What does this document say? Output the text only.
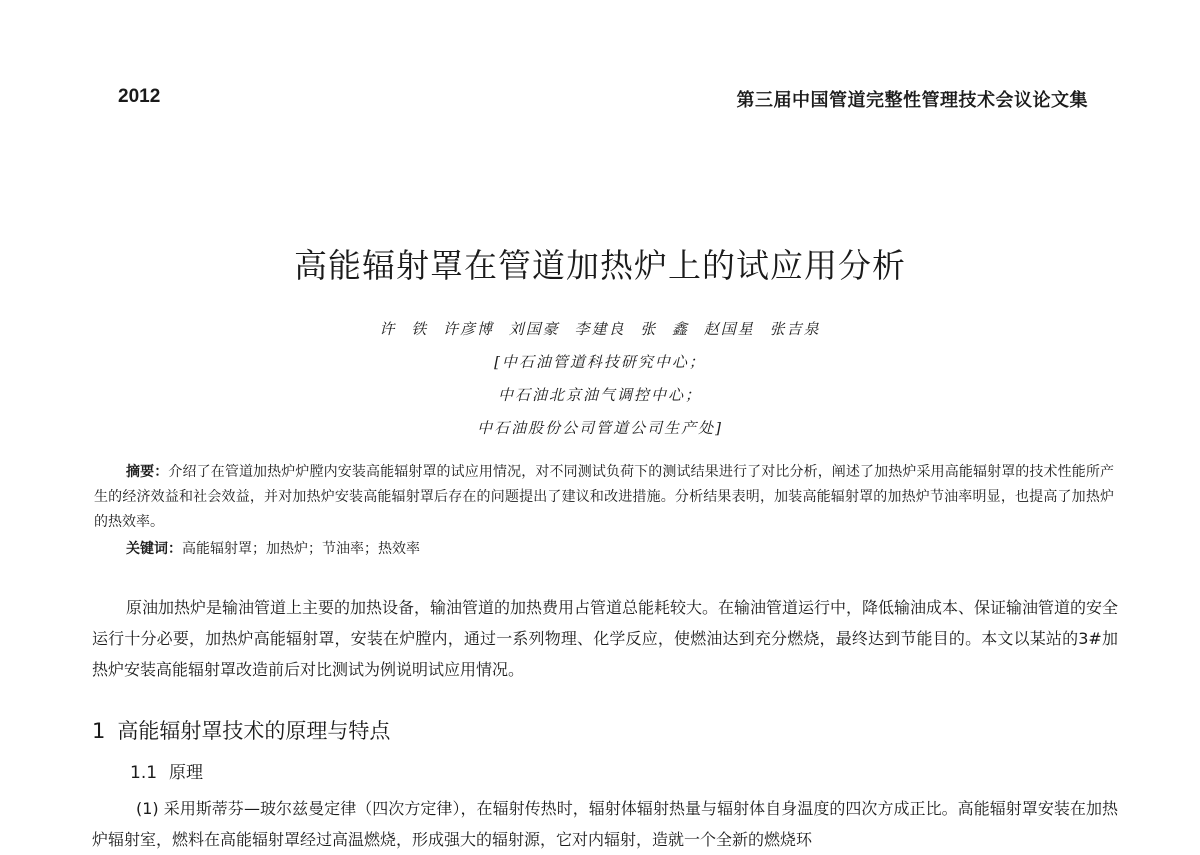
2012	第三届中国管道完整性管理技术会议论文集
高能辐射罩在管道加热炉上的试应用分析
许 铁 许彦博 刘国豪 李建良 张 鑫 赵国星 张吉泉
[中石油管道科技研究中心；
中石油北京油气调控中心；
中石油股份公司管道公司生产处]
摘要：介绍了在管道加热炉炉膛内安装高能辐射罩的试应用情况，对不同测试负荷下的测试结果进行了对比分析，阐述了加热炉采用高能辐射罩的技术性能所产生的经济效益和社会效益，并对加热炉安装高能辐射罩后存在的问题提出了建议和改进措施。分析结果表明，加装高能辐射罩的加热炉节油率明显，也提高了加热炉的热效率。
关键词：高能辐射罩；加热炉；节油率；热效率
原油加热炉是输油管道上主要的加热设备，输油管道的加热费用占管道总能耗较大。在输油管道运行中，降低输油成本、保证输油管道的安全运行十分必要，加热炉高能辐射罩，安装在炉膛内，通过一系列物理、化学反应，使燃油达到充分燃烧，最终达到节能目的。本文以某站的3#加热炉安装高能辐射罩改造前后对比测试为例说明试应用情况。
1 高能辐射罩技术的原理与特点
1.1 原理
(1) 采用斯蒂芬—玻尔兹曼定律（四次方定律），在辐射传热时，辐射体辐射热量与辐射体自身温度的四次方成正比。高能辐射罩安装在加热炉辐射室，燃料在高能辐射罩经过高温燃烧，形成强大的辐射源，它对内辐射，造就一个全新的燃烧环
